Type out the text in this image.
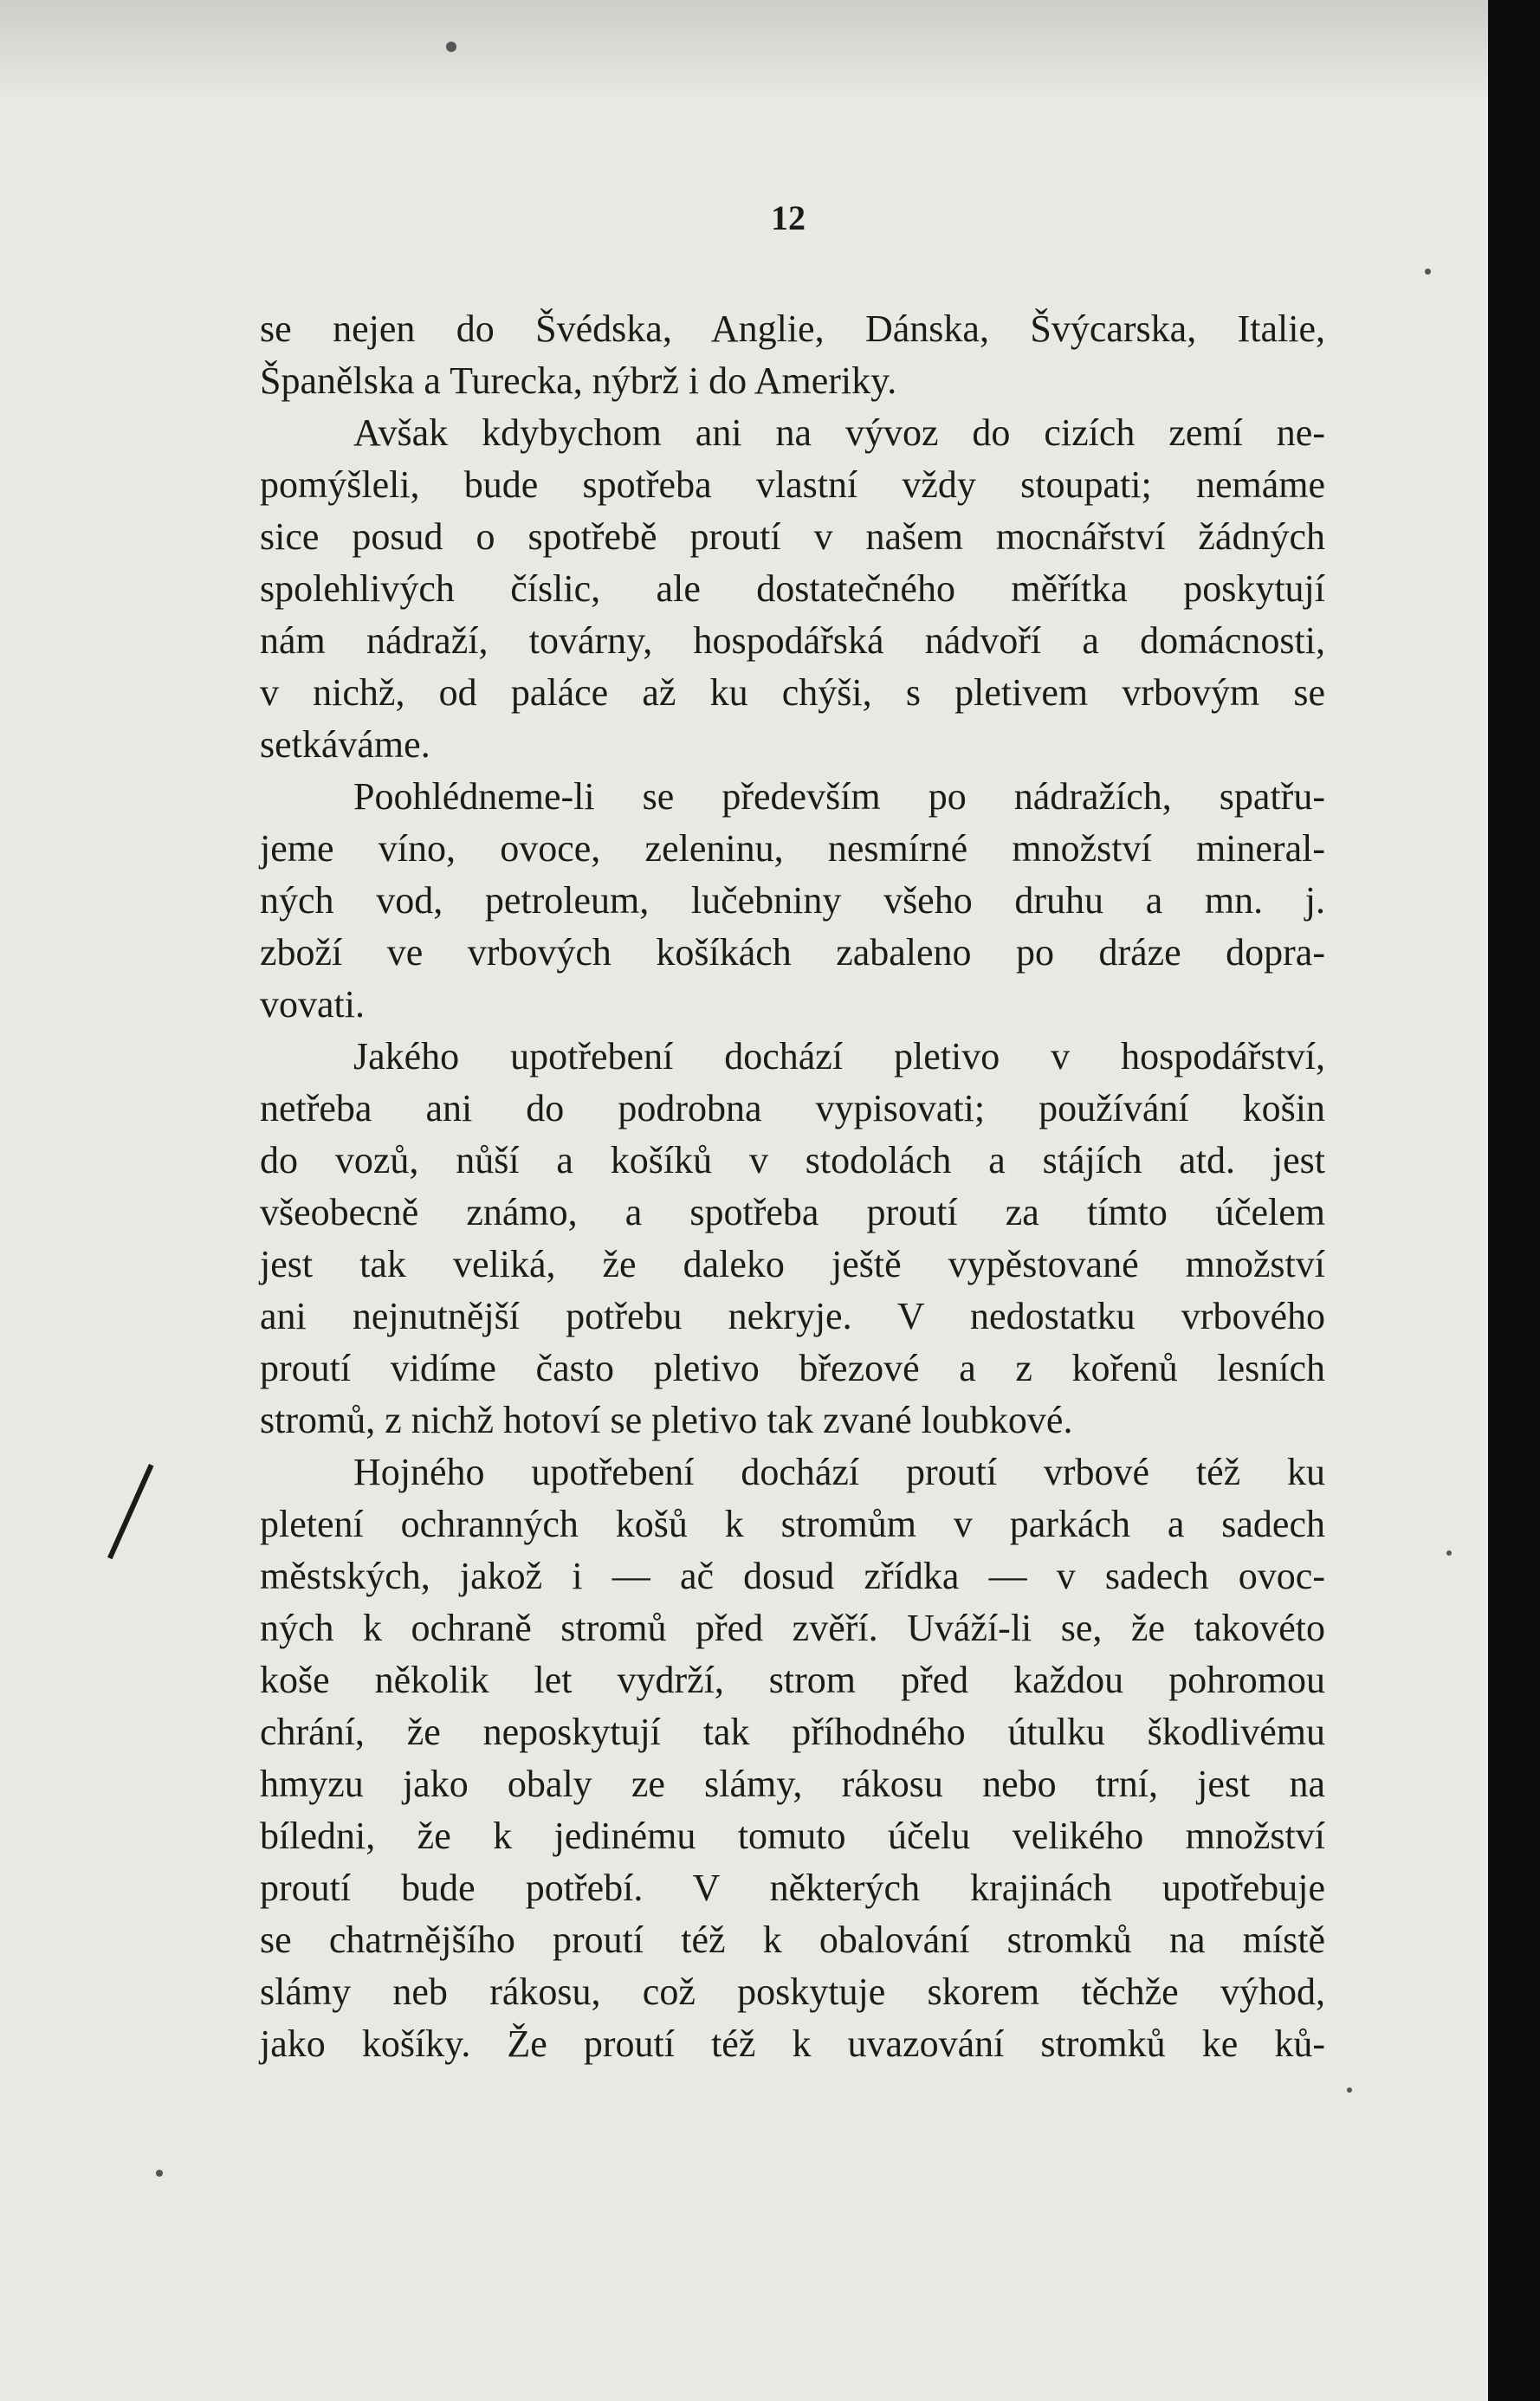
12

se nejen do Švédska, Anglie, Dánska, Švýcarska, Italie,
Španělska a Turecka, nýbrž i do Ameriky.

Avšak kdybychom ani na vývoz do cizích zemí ne-
pomýšleli, bude spotřeba vlastní vždy stoupati; nemáme
sice posud o spotřebě proutí v našem mocnářství žádných
spolehlivých číslic, ale dostatečného měřítka poskytují
nám nádraží, továrny, hospodářská nádvoří a domácnosti,
v nichž, od paláce až ku chýši, s pletivem vrbovým se
setkáváme.

Poohlédneme-li se především po nádražích, spatřu-
jeme víno, ovoce, zeleninu, nesmírné množství mineral-
ných vod, petroleum, lučebniny všeho druhu a mn. j.
zboží ve vrbových košíkách zabaleno po dráze dopra-
vovati.

Jakého upotřebení dochází pletivo v hospodářství,
netřeba ani do podrobna vypisovati; používání košin
do vozů, nůší a košíků v stodolách a stájích atd. jest
všeobecně známo, a spotřeba proutí za tímto účelem
jest tak veliká, že daleko ještě vypěstované množství
ani nejnutnější potřebu nekryje. V nedostatku vrbového
proutí vidíme často pletivo březové a z kořenů lesních
stromů, z nichž hotoví se pletivo tak zvané loubkové.

Hojného upotřebení dochází proutí vrbové též ku
pletení ochranných košů k stromům v parkách a sadech
městských, jakož i — ač dosud zřídka — v sadech ovoc-
ných k ochraně stromů před zvěří. Uváží-li se, že takovéto
koše několik let vydrží, strom před každou pohromou
chrání, že neposkytují tak příhodného útulku škodlivému
hmyzu jako obaly ze slámy, rákosu nebo trní, jest na
bíledni, že k jedinému tomuto účelu velikého množství
proutí bude potřebí. V některých krajinách upotřebuje
se chatrnějšího proutí též k obalování stromků na místě
slámy neb rákosu, což poskytuje skorem těchže výhod,
jako košíky. Že proutí též k uvazování stromků ke ků-
